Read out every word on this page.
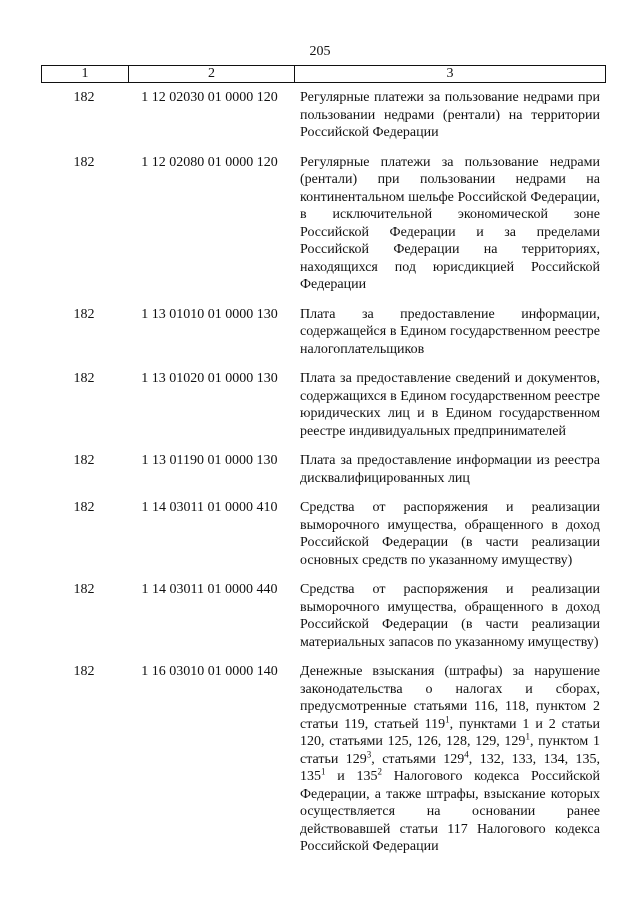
205
1	2	3
182	1 12 02030 01 0000 120	Регулярные платежи за пользование недрами при пользовании недрами (рентали) на территории Российской Федерации
182	1 12 02080 01 0000 120	Регулярные платежи за пользование недрами (рентали) при пользовании недрами на континентальном шельфе Российской Федерации, в исключительной экономической зоне Российской Федерации и за пределами Российской Федерации на территориях, находящихся под юрисдикцией Российской Федерации
182	1 13 01010 01 0000 130	Плата за предоставление информации, содержащейся в Едином государственном реестре налогоплательщиков
182	1 13 01020 01 0000 130	Плата за предоставление сведений и документов, содержащихся в Едином государственном реестре юридических лиц и в Едином государственном реестре индивидуальных предпринимателей
182	1 13 01190 01 0000 130	Плата за предоставление информации из реестра дисквалифицированных лиц
182	1 14 03011 01 0000 410	Средства от распоряжения и реализации выморочного имущества, обращенного в доход Российской Федерации (в части реализации основных средств по указанному имуществу)
182	1 14 03011 01 0000 440	Средства от распоряжения и реализации выморочного имущества, обращенного в доход Российской Федерации (в части реализации материальных запасов по указанному имуществу)
182	1 16 03010 01 0000 140	Денежные взыскания (штрафы) за нарушение законодательства о налогах и сборах, предусмотренные статьями 116, 118, пунктом 2 статьи 119, статьей $119^1$, пунктами 1 и 2 статьи 120, статьями 125, 126, 128, 129, $129^1$, пунктом 1 статьи $129^3$, статьями $129^4$, 132, 133, 134, 135, $135^1$ и $135^2$ Налогового кодекса Российской Федерации, а также штрафы, взыскание которых осуществляется на основании ранее действовавшей статьи 117 Налогового кодекса Российской Федерации
